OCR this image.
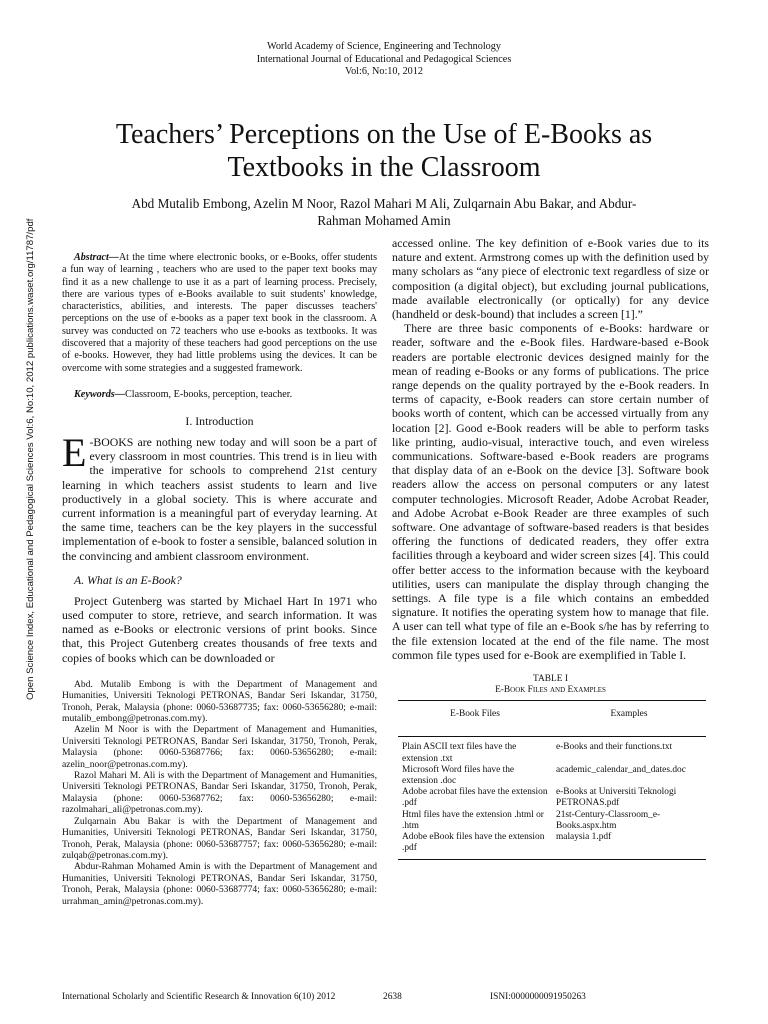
World Academy of Science, Engineering and Technology
International Journal of Educational and Pedagogical Sciences
Vol:6, No:10, 2012
Teachers’ Perceptions on the Use of E-Books as
Textbooks in the Classroom
Abd Mutalib Embong, Azelin M Noor, Razol Mahari M Ali, Zulqarnain Abu Bakar, and Abdur-
Rahman Mohamed Amin
Open Science Index, Educational and Pedagogical Sciences Vol:6, No:10, 2012 publications.waset.org/11787/pdf	Abstract—At the time where electronic books, or e-Books, offer students a fun way of learning , teachers who are used to the paper text books may find it as a new challenge to use it as a part of learning process. Precisely, there are various types of e-Books available to suit students' knowledge, characteristics, abilities, and interests. The paper discusses teachers' perceptions on the use of e-books as a paper text book in the classroom. A survey was conducted on 72 teachers who use e-books as textbooks. It was discovered that a majority of these teachers had good perceptions on the use of e-books. However, they had little problems using the devices. It can be overcome with some strategies and a suggested framework.

Keywords—Classroom, E-books, perception, teacher.

I. Introduction

E -BOOKS are nothing new today and will soon be a part of every classroom in most countries. This trend is in lieu with the imperative for schools to comprehend 21st century learning in which teachers assist students to learn and live productively in a global society. This is where accurate and current information is a meaningful part of everyday learning. At the same time, teachers can be the key players in the successful implementation of e-book to foster a sensible, balanced solution in the convincing and ambient classroom environment.

A. What is an E-Book?

Project Gutenberg was started by Michael Hart In 1971 who used computer to store, retrieve, and search information. It was named as e-Books or electronic versions of print books. Since that, this Project Gutenberg creates thousands of free texts and copies of books which can be downloaded or

Abd. Mutalib Embong is with the Department of Management and Humanities, Universiti Teknologi PETRONAS, Bandar Seri Iskandar, 31750, Tronoh, Perak, Malaysia (phone: 0060-53687735; fax: 0060-53656280; e-mail: mutalib_embong@petronas.com.my).

Azelin M Noor is with the Department of Management and Humanities, Universiti Teknologi PETRONAS, Bandar Seri Iskandar, 31750, Tronoh, Perak, Malaysia (phone: 0060-53687766; fax: 0060-53656280; e-mail: azelin_noor@petronas.com.my).

Razol Mahari M. Ali is with the Department of Management and Humanities, Universiti Teknologi PETRONAS, Bandar Seri Iskandar, 31750, Tronoh, Perak, Malaysia (phone: 0060-53687762; fax: 0060-53656280; e-mail: razolmahari_ali@petronas.com.my).

Zulqarnain Abu Bakar is with the Department of Management and Humanities, Universiti Teknologi PETRONAS, Bandar Seri Iskandar, 31750, Tronoh, Perak, Malaysia (phone: 0060-53687757; fax: 0060-53656280; e-mail: zulqab@petronas.com.my).

Abdur-Rahman Mohamed Amin is with the Department of Management and Humanities, Universiti Teknologi PETRONAS, Bandar Seri Iskandar, 31750, Tronoh, Perak, Malaysia (phone: 0060-53687774; fax: 0060-53656280; e-mail: urrahman_amin@petronas.com.my).

accessed online. The key definition of e-Book varies due to its nature and extent. Armstrong comes up with the definition used by many scholars as “any piece of electronic text regardless of size or composition (a digital object), but excluding journal publications, made available electronically (or optically) for any device (handheld or desk-bound) that includes a screen [1].”

There are three basic components of e-Books: hardware or reader, software and the e-Book files. Hardware-based e-Book readers are portable electronic devices designed mainly for the mean of reading e-Books or any forms of publications. The price range depends on the quality portrayed by the e-Book readers. In terms of capacity, e-Book readers can store certain number of books worth of content, which can be accessed virtually from any location [2]. Good e-Book readers will be able to perform tasks like printing, audio-visual, interactive touch, and even wireless communications. Software-based e-Book readers are programs that display data of an e-Book on the device [3]. Software book readers allow the access on personal computers or any latest computer technologies. Microsoft Reader, Adobe Acrobat Reader, and Adobe Acrobat e-Book Reader are three examples of such software. One advantage of software-based readers is that besides offering the functions of dedicated readers, they offer extra facilities through a keyboard and wider screen sizes [4]. This could offer better access to the information because with the keyboard utilities, users can manipulate the display through changing the settings. A file type is a file which contains an embedded signature. It notifies the operating system how to manage that file. A user can tell what type of file an e-Book s/he has by referring to the file extension located at the end of the file name. The most common file types used for e-Book are exemplified in Table I.

TABLE I

E-Book Files and Examples

E-Book Files	Examples
Plain ASCII text files have the extension .txt	e-Books and their functions.txt
Microsoft Word files have the extension .doc	academic_calendar_and_dates.doc
Adobe acrobat files have the extension .pdf	e-Books at Universiti Teknologi PETRONAS.pdf
Html files have the extension .html or .htm	21st-Century-Classroom_e-Books.aspx.htm
Adobe eBook files have the extension .pdf	malaysia 1.pdf
International Scholarly and Scientific Research & Innovation 6(10) 2012	2638	ISNI:0000000091950263
